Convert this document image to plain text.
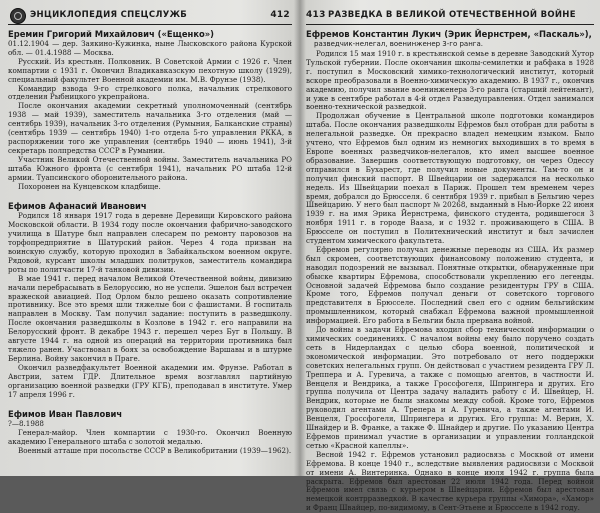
ЭНЦИКЛОПЕДИЯ СПЕЦСЛУЖБ	412
Еремин Григорий Михайлович («Ещенко»)

01.12.1904 — дер. Заякино-Кужинка, ныне Лысковского района Курской обл. — 01.4.1988 — Москва.

Русский. Из крестьян. Полковник. В Советской Армии с 1926 г. Член компартии с 1931 г. Окончил Владикавказскую пехотную школу (1929), специальный факультет Военной академии им. М.В. Фрунзе (1938).

Командир взвода 9-го стрелкового полка, начальник стрелкового отделения Рыбницкого укрепрайона.

После окончания академии секретный уполномоченный (сентябрь 1938 — май 1939), заместитель начальника 3-го отделения (май — сентябрь 1939), начальник 3-го отделения (Румыния, Балканские страны) (сентябрь 1939 — сентябрь 1940) 1-го отдела 5-го управления РККА, в распоряжении того же управления (сентябрь 1940 — июнь 1941), 3-й секретарь полпредства СССР в Румынии.

Участник Великой Отечественной войны. Заместитель начальника РО штаба Южного фронта (с сентября 1941), начальник РО штаба 12-й армии. Туапсинского оборонительного района.

Похоронен на Кунцевском кладбище.

Ефимов Афанасий Иванович

Родился 18 января 1917 года в деревне Деревищи Кировского района Московской области. В 1934 году после окончания фабрично-заводского училища в Шатуре был направлен слесарем по ремонту паровозов на торфопредприятие в Шатурский район. Через 4 года призван на воинскую службу, которую проходил в Забайкальском военном округе. Рядовой, курсант школы младших политруков, заместитель командира роты по политчасти 17-й танковой дивизии.

В мае 1941 г. перед началом Великой Отечественной войны, дивизию начали перебрасывать в Белоруссию, но не успели. Эшелон был встречен вражеской авиацией. Под Орлом было решено оказать сопротивление противнику. Все это время шли тяжелые бои с фашистами. В госпиталь направлен в Москву. Там получил задание: поступить в разведшколу. После окончания разведшколы в Козлове в 1942 г. его направили на Белорусский фронт. В декабре 1943 г. перешел через Буг в Польшу. В августе 1944 г. на одной из операций на территории противника был тяжело ранен. Участвовал в боях за освобождение Варшавы и в штурме Берлина. Войну закончил в Праге.

Окончил разведфакультет Военной академии им. Фрунзе. Работал в Австрии, затем ГДР. Длительное время возглавлял партийную организацию военной разведки (ГРУ КГБ), преподавал в институте. Умер 17 апреля 1996 г.

Ефимов Иван Павлович

?—8.1988

Генерал-майор. Член компартии с 1930-го. Окончил Военную академию Генерального штаба с золотой медалью.

Военный атташе при посольстве СССР в Великобритании (1939—1962).

413 РАЗВЕДКА В ВЕЛИКОЙ ОТЕЧЕСТВЕННОЙ ВОЙНЕ
Ефремов Константин Лукич (Эрик Йернстрем, «Паскаль»),
разведчик-нелегал, военинженер 3-го ранга.

Родился 15 мая 1910 г. в крестьянской семье в деревне Заводский Хутор Тульской губернии. После окончания школы-семилетки и рабфака в 1928 г. поступил в Московский химико-технологический институт, который вскоре преобразовали в Военно-химическую академию. В 1937 г., окончив академию, получил звание военинженера 3-го ранга (старший лейтенант), и уже в сентябре работал в 4-й отдел Разведуправления. Отдел занимался военно-технической разведкой.

Продолжая обучение в Центральной школе подготовки командиров штаба. После окончания разведшколы Ефремов был отобран для работы в нелегальной разведке. Он прекрасно владел немецким языком. Было учтено, что Ефремов был одним из немногих выходивших в то время в Европе военных разведчиков-нелегалов, кто имел высшее военное образование. Завершив соответствующую подготовку, он через Одессу отправился в Бухарест, где получил новые документы. Там-то он и получил финский паспорт. В Швейцарии он задержался на несколько недель. Из Швейцарии поехал в Париж. Прошел тем временем через время, добрался до Брюсселя. 6 сентября 1939 г. прибыл в Бельгию через Швейцарию. У него был паспорт № 20268, выданный в Нью-Йорке 22 июня 1939 г. на имя Эрика Йернстрема, финского студента, родившегося 3 ноября 1911 г. в городе Вааза, и с 1932 г. проживающего в США. В Брюсселе он поступил в Политехнический институт и был зачислен студентом химического факультета.

Ефремов регулярно получал денежные переводы из США. Их размер был скромен, соответствующих финансовому положению студента, и наводил подозрений не вызывал. Понятные открытки, обнаруженные при обыске квартиры Ефремова, способствовали укреплению его легенды. Основной задачей Ефремова было создание резидентуры ГРУ в США. Кроме того, Ефремов получал деньги от советского торгового представителя в Брюсселе. Последний свел его с одним бельгийским промышленником, который снабжал Ефремова важной промышленной информацией. Его работа в Бельгии была прервана войной.

До войны в задачи Ефремова входил сбор технической информации о химических соединениях. С началом войны ему было поручено создать сеть в Нидерландах с целью сбора военной, политической и экономической информации. Это потребовало от него поддержки советских нелегальных групп. Он действовал с участием резидента ГРУ Л. Треппера и А. Гуревича, а также с помощью агентов, в частности И. Венцеля и Вендрика, а также Гроссфогеля, Шпрингера и других. Его группа получила от Центра задачу наладить работу с И. Швейцер, Н. Вендрик, которые не были знакомы между собой. Кроме того, Ефремов руководил агентами А. Трепера и А. Гуревича, а также агентами И. Венцеля, Гроссфогеля, Шпрингера и других. Его группа: М. Верин, Х. Шнайдер и В. Франке, а также Ф. Шнайдер и другие. По указанию Центра Ефремов принимал участие в организации и управлении голландской сетью «Красной капеллы».

Весной 1942 г. Ефремов установил радиосвязь с Москвой от имени Ефремова. В конце 1940 г., вследствие выявления радиосвязи с Москвой от имени А. Винтеринка. Однако в конце июля 1942 г. группа была раскрыта. Ефремов был арестован 22 июля 1942 года. Перед войной Ефремов имел связь с курьером в Швейцарии. Ефремов был арестован немецкой контрразведкой. В качестве курьера группы «Химора», «Хамор» и Франц Швайцер, по-видимому, в Сент-Этьене и Брюсселе в 1942 году.
